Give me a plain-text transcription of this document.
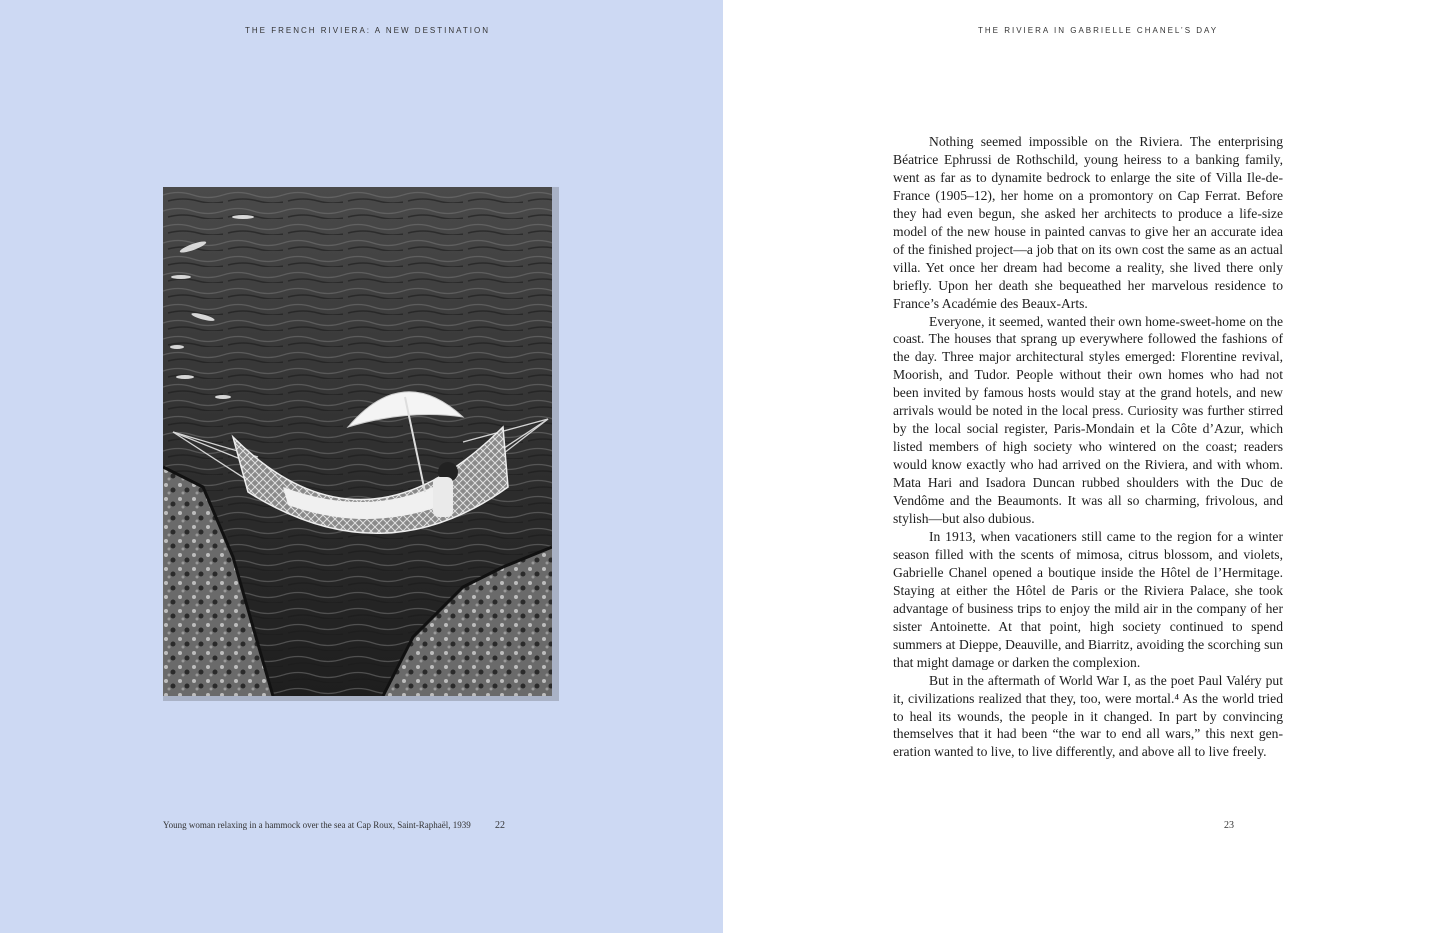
THE FRENCH RIVIERA: A NEW DESTINATION
Young woman relaxing in a hammock over the sea at Cap Roux, Saint-Raphaël, 1939 22
THE RIVIERA IN GABRIELLE CHANEL’S DAY

Nothing seemed impossible on the Riviera. The enterprising Béatrice Ephrussi de Rothschild, young heiress to a banking family, went as far as to dynamite bedrock to enlarge the site of Villa Ile-de-France (1905–12), her home on a promontory on Cap Ferrat. Before they had even begun, she asked her architects to produce a life-size model of the new house in painted canvas to give her an accurate idea of the finished project—a job that on its own cost the same as an actual villa. Yet once her dream had become a reality, she lived there only briefly. Upon her death she bequeathed her marvelous residence to France’s Académie des Beaux-Arts.

Everyone, it seemed, wanted their own home-sweet-home on the coast. The houses that sprang up everywhere followed the fashions of the day. Three major architectural styles emerged: Florentine revival, Moorish, and Tudor. People without their own homes who had not been invited by famous hosts would stay at the grand hotels, and new arrivals would be noted in the local press. Curiosity was further stirred by the local social register, Paris-Mondain et la Côte d’Azur, which listed members of high society who wintered on the coast; readers would know exactly who had arrived on the Riviera, and with whom. Mata Hari and Isadora Duncan rubbed shoulders with the Duc de Vendôme and the Beaumonts. It was all so charming, frivolous, and stylish—but also dubious.

In 1913, when vacationers still came to the region for a winter season filled with the scents of mimosa, citrus blossom, and violets, Gabrielle Chanel opened a boutique inside the Hôtel de l’Hermitage. Staying at either the Hôtel de Paris or the Riviera Palace, she took advantage of business trips to enjoy the mild air in the company of her sister Antoinette. At that point, high society continued to spend summers at Dieppe, Deauville, and Biarritz, avoiding the scorching sun that might damage or darken the complexion.

But in the aftermath of World War I, as the poet Paul Valéry put it, civilizations realized that they, too, were mortal.⁴ As the world tried to heal its wounds, the people in it changed. In part by convincing themselves that it had been “the war to end all wars,” this next generation wanted to live, to live differently, and above all to live freely.

23
